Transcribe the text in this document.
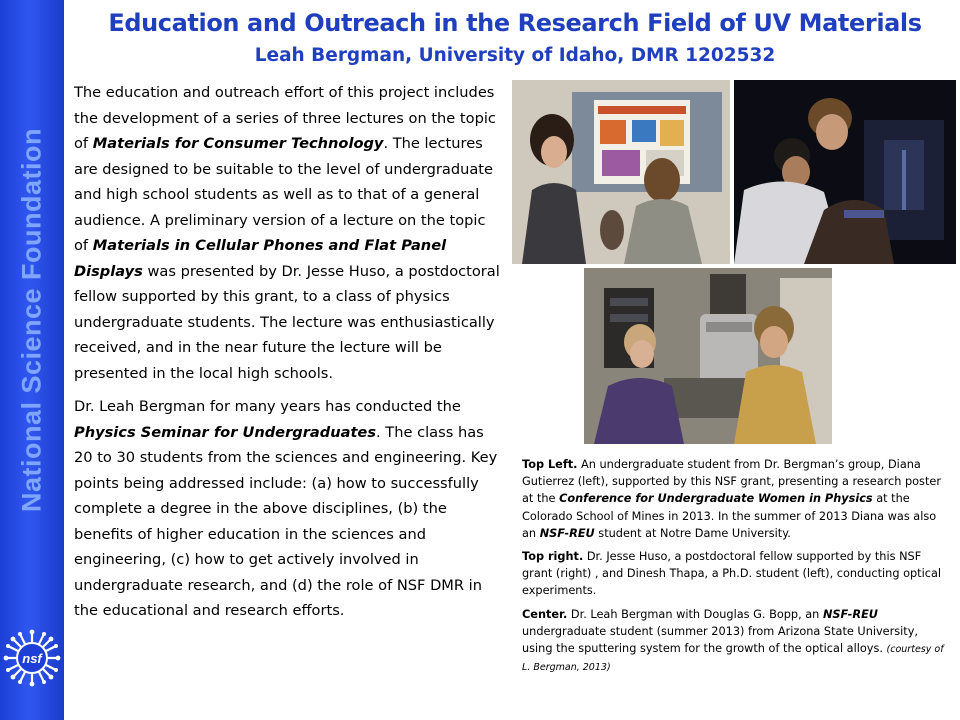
National Science Foundation
nsf
Education and Outreach in the Research Field of UV Materials
Leah Bergman, University of Idaho, DMR 1202532

The education and outreach effort of this project includes the development of a series of three lectures on the topic of Materials for Consumer Technology. The lectures are designed to be suitable to the level of undergraduate and high school students as well as to that of a general audience. A preliminary version of a lecture on the topic of Materials in Cellular Phones and Flat Panel Displays was presented by Dr. Jesse Huso, a postdoctoral fellow supported by this grant, to a class of physics undergraduate students. The lecture was enthusiastically received, and in the near future the lecture will be presented in the local high schools.

Dr. Leah Bergman for many years has conducted the Physics Seminar for Undergraduates. The class has 20 to 30 students from the sciences and engineering. Key points being addressed include: (a) how to successfully complete a degree in the above disciplines, (b) the benefits of higher education in the sciences and engineering, (c) how to get actively involved in undergraduate research, and (d) the role of NSF DMR in the educational and research efforts.

Top Left. An undergraduate student from Dr. Bergman’s group, Diana Gutierrez (left), supported by this NSF grant, presenting a research poster at the Conference for Undergraduate Women in Physics at the Colorado School of Mines in 2013. In the summer of 2013 Diana was also an NSF-REU student at Notre Dame University.

Top right. Dr. Jesse Huso, a postdoctoral fellow supported by this NSF grant (right) , and Dinesh Thapa, a Ph.D. student (left), conducting optical experiments.

Center. Dr. Leah Bergman with Douglas G. Bopp, an NSF-REU undergraduate student (summer 2013) from Arizona State University, using the sputtering system for the growth of the optical alloys. (courtesy of L. Bergman, 2013)
